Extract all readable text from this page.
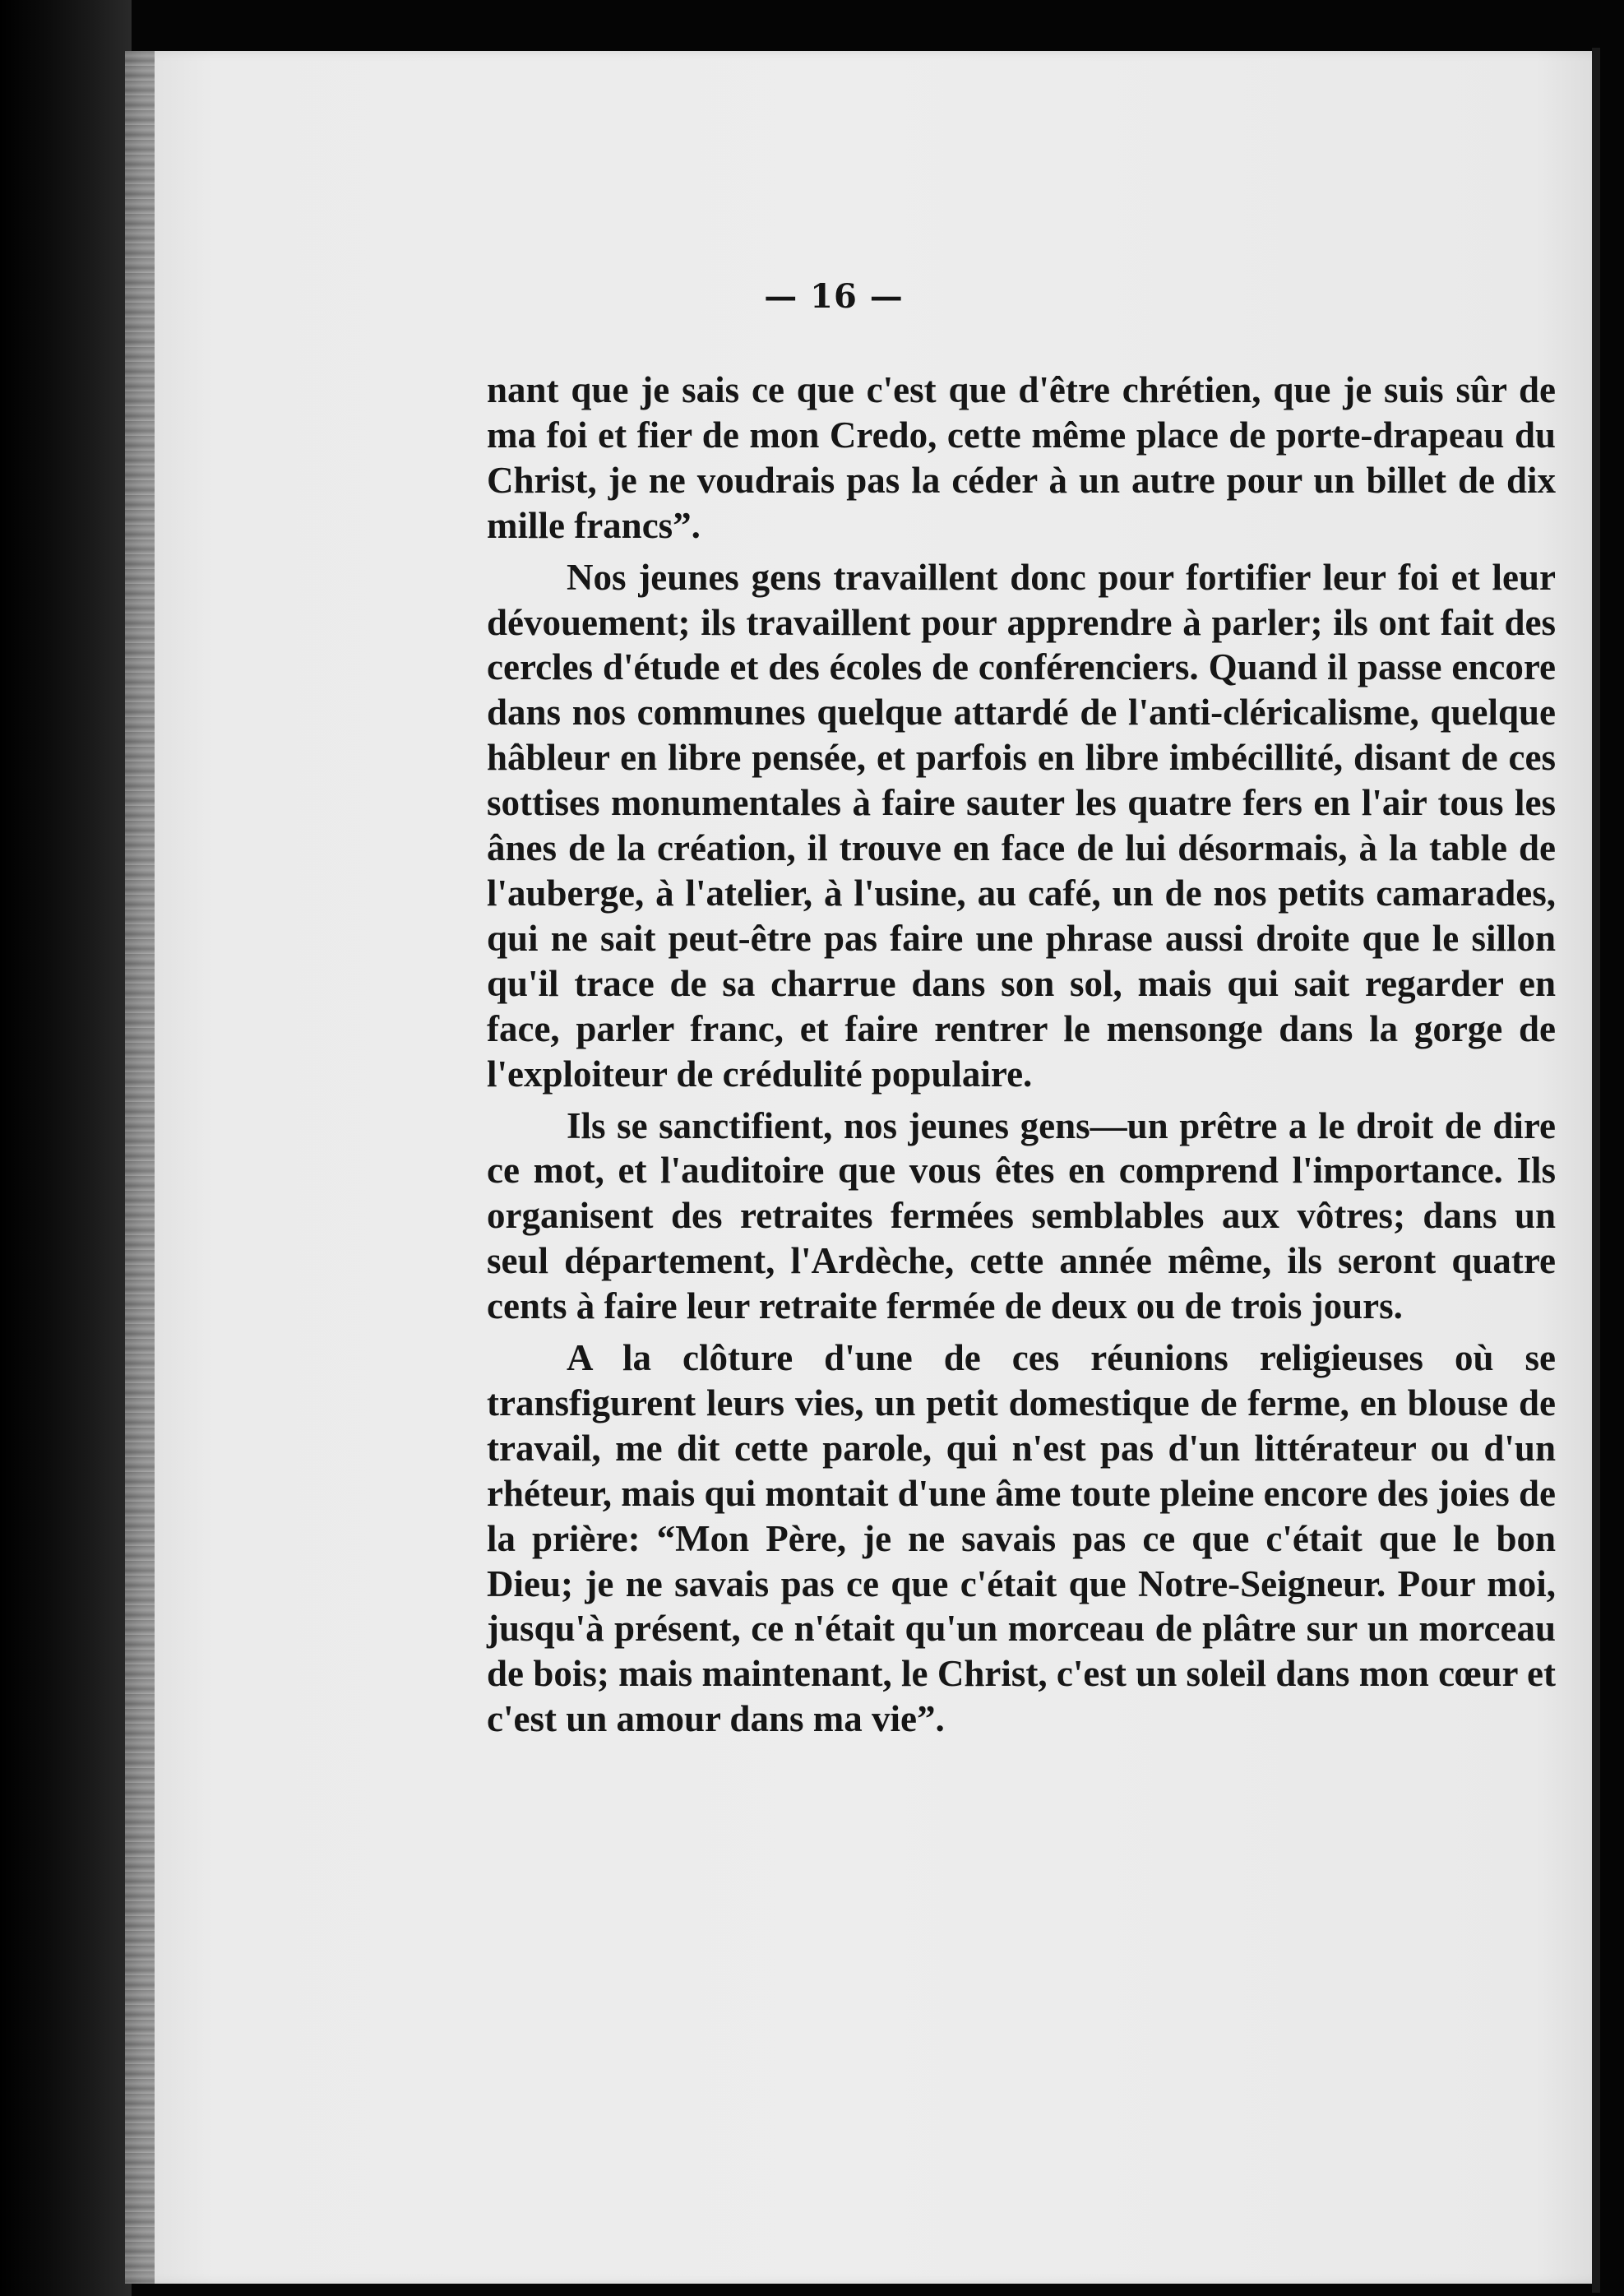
— 16 —

nant que je sais ce que c'est que d'être chrétien, que je suis sûr de ma foi et fier de mon Credo, cette même place de porte-drapeau du Christ, je ne voudrais pas la céder à un autre pour un billet de dix mille francs”.

Nos jeunes gens travaillent donc pour fortifier leur foi et leur dévouement; ils travaillent pour apprendre à parler; ils ont fait des cercles d'étude et des écoles de conférenciers. Quand il passe encore dans nos communes quelque attardé de l'anti-cléricalisme, quelque hâbleur en libre pensée, et parfois en libre imbécillité, disant de ces sottises monumentales à faire sauter les quatre fers en l'air tous les ânes de la création, il trouve en face de lui désormais, à la table de l'auberge, à l'atelier, à l'usine, au café, un de nos petits camarades, qui ne sait peut-être pas faire une phrase aussi droite que le sillon qu'il trace de sa charrue dans son sol, mais qui sait regarder en face, parler franc, et faire rentrer le mensonge dans la gorge de l'exploiteur de crédulité populaire.

Ils se sanctifient, nos jeunes gens—un prêtre a le droit de dire ce mot, et l'auditoire que vous êtes en comprend l'importance. Ils organisent des retraites fermées semblables aux vôtres; dans un seul département, l'Ardèche, cette année même, ils seront quatre cents à faire leur retraite fermée de deux ou de trois jours.

A la clôture d'une de ces réunions religieuses où se transfigurent leurs vies, un petit domestique de ferme, en blouse de travail, me dit cette parole, qui n'est pas d'un littérateur ou d'un rhéteur, mais qui montait d'une âme toute pleine encore des joies de la prière: “Mon Père, je ne savais pas ce que c'était que le bon Dieu; je ne savais pas ce que c'était que Notre-Seigneur. Pour moi, jusqu'à présent, ce n'était qu'un morceau de plâtre sur un morceau de bois; mais maintenant, le Christ, c'est un soleil dans mon cœur et c'est un amour dans ma vie”.
